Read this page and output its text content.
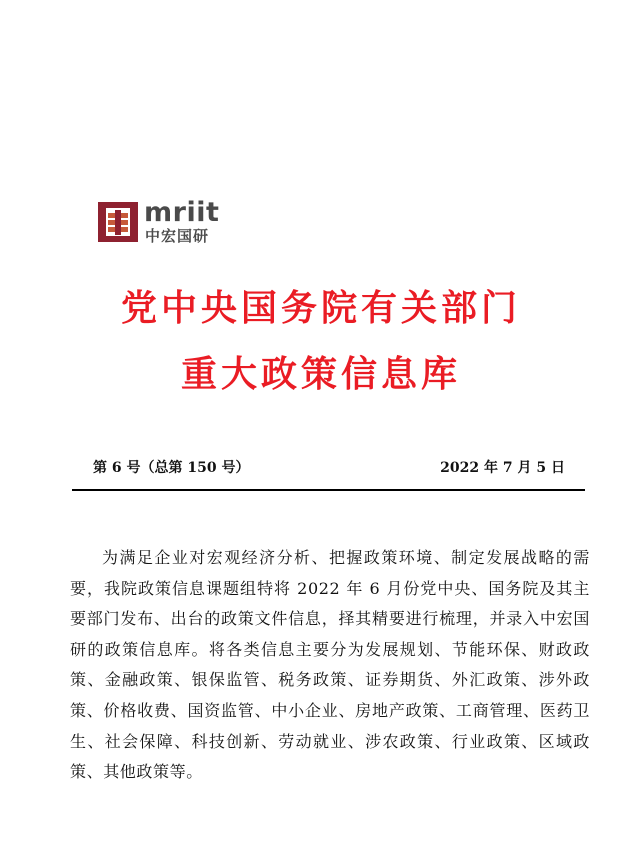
mriit
中宏国研
党中央国务院有关部门
重大政策信息库
第 6 号（总第 150 号）	2022 年 7 月 5 日
为满足企业对宏观经济分析、把握政策环境、制定发展战略的需要，我院政策信息课题组特将 2022 年 6 月份党中央、国务院及其主要部门发布、出台的政策文件信息，择其精要进行梳理，并录入中宏国研的政策信息库。将各类信息主要分为发展规划、节能环保、财政政策、金融政策、银保监管、税务政策、证券期货、外汇政策、涉外政策、价格收费、国资监管、中小企业、房地产政策、工商管理、医药卫生、社会保障、科技创新、劳动就业、涉农政策、行业政策、区域政策、其他政策等。
